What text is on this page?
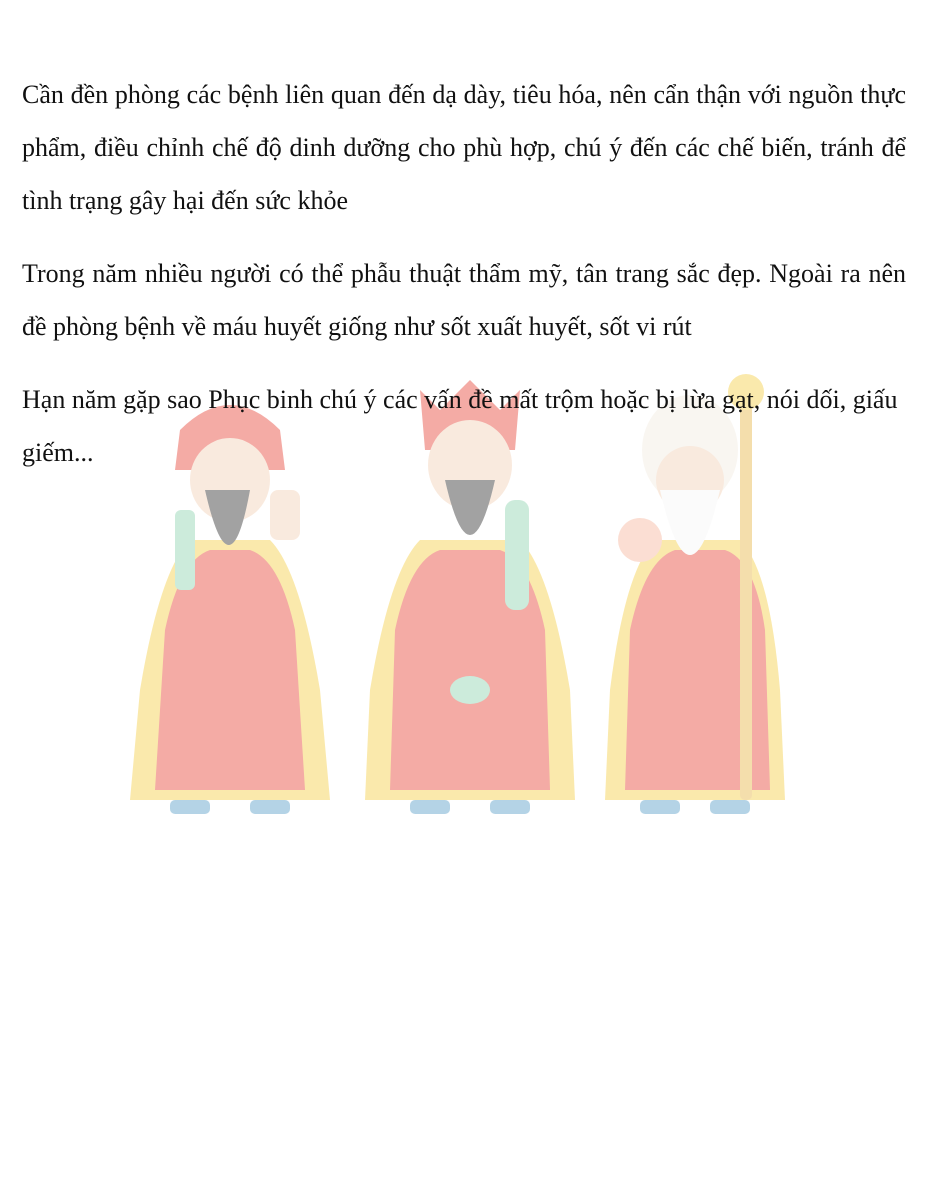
Cần đền phòng các bệnh liên quan đến dạ dày, tiêu hóa, nên cẩn thận với nguồn thực phẩm, điều chỉnh chế độ dinh dưỡng cho phù hợp, chú ý đến các chế biến, tránh để tình trạng gây hại đến sức khỏe

Trong năm nhiều người có thể phẫu thuật thẩm mỹ, tân trang sắc đẹp. Ngoài ra nên đề phòng bệnh về máu huyết giống như sốt xuất huyết, sốt vi rút

Hạn năm gặp sao Phục binh chú ý các vấn đề mất trộm hoặc bị lừa gạt, nói dối, giấu giếm...
